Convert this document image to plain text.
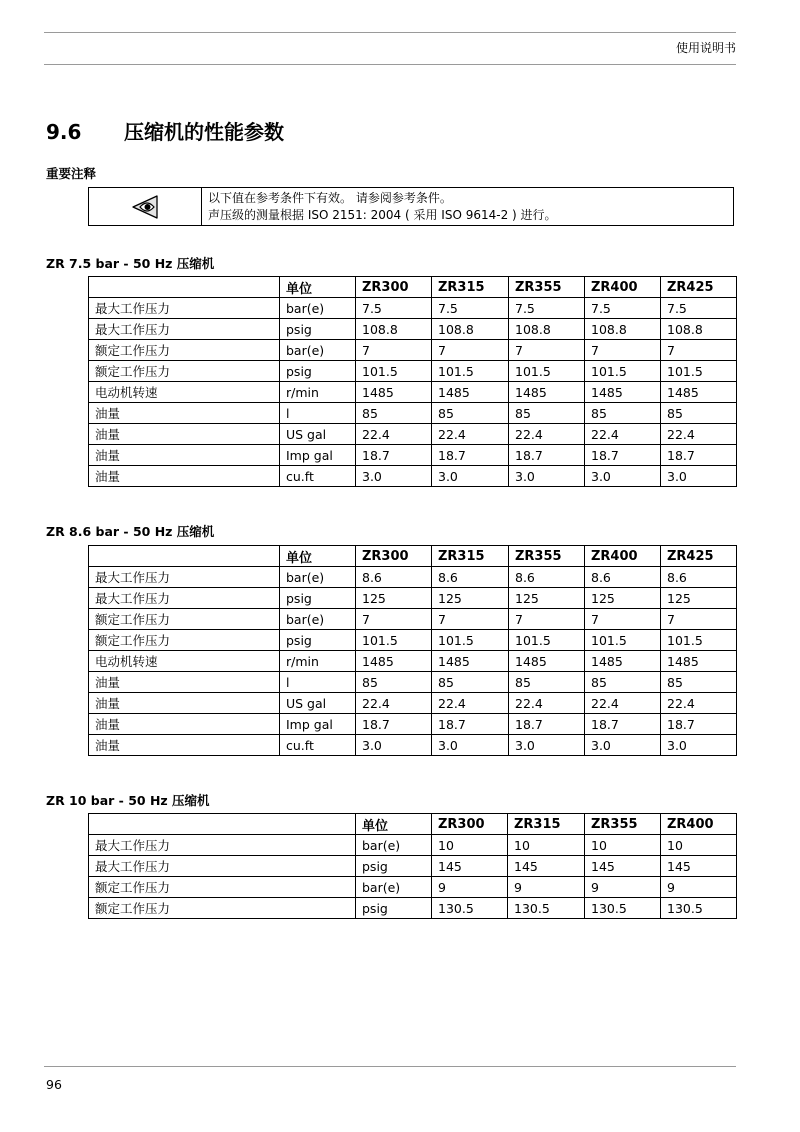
使用说明书
9.6 压缩机的性能参数
重要注释
以下值在参考条件下有效。 请参阅参考条件。
声压级的测量根据 ISO 2151: 2004 ( 采用 ISO 9614-2 ) 进行。
ZR 7.5 bar - 50 Hz 压缩机
	单位	ZR300	ZR315	ZR355	ZR400	ZR425
最大工作压力	bar(e)	7.5	7.5	7.5	7.5	7.5
最大工作压力	psig	108.8	108.8	108.8	108.8	108.8
额定工作压力	bar(e)	7	7	7	7	7
额定工作压力	psig	101.5	101.5	101.5	101.5	101.5
电动机转速	r/min	1485	1485	1485	1485	1485
油量	l	85	85	85	85	85
油量	US gal	22.4	22.4	22.4	22.4	22.4
油量	Imp gal	18.7	18.7	18.7	18.7	18.7
油量	cu.ft	3.0	3.0	3.0	3.0	3.0
ZR 8.6 bar - 50 Hz 压缩机
	单位	ZR300	ZR315	ZR355	ZR400	ZR425
最大工作压力	bar(e)	8.6	8.6	8.6	8.6	8.6
最大工作压力	psig	125	125	125	125	125
额定工作压力	bar(e)	7	7	7	7	7
额定工作压力	psig	101.5	101.5	101.5	101.5	101.5
电动机转速	r/min	1485	1485	1485	1485	1485
油量	l	85	85	85	85	85
油量	US gal	22.4	22.4	22.4	22.4	22.4
油量	Imp gal	18.7	18.7	18.7	18.7	18.7
油量	cu.ft	3.0	3.0	3.0	3.0	3.0
ZR 10 bar - 50 Hz 压缩机
	单位	ZR300	ZR315	ZR355	ZR400
最大工作压力	bar(e)	10	10	10	10
最大工作压力	psig	145	145	145	145
额定工作压力	bar(e)	9	9	9	9
额定工作压力	psig	130.5	130.5	130.5	130.5
96
